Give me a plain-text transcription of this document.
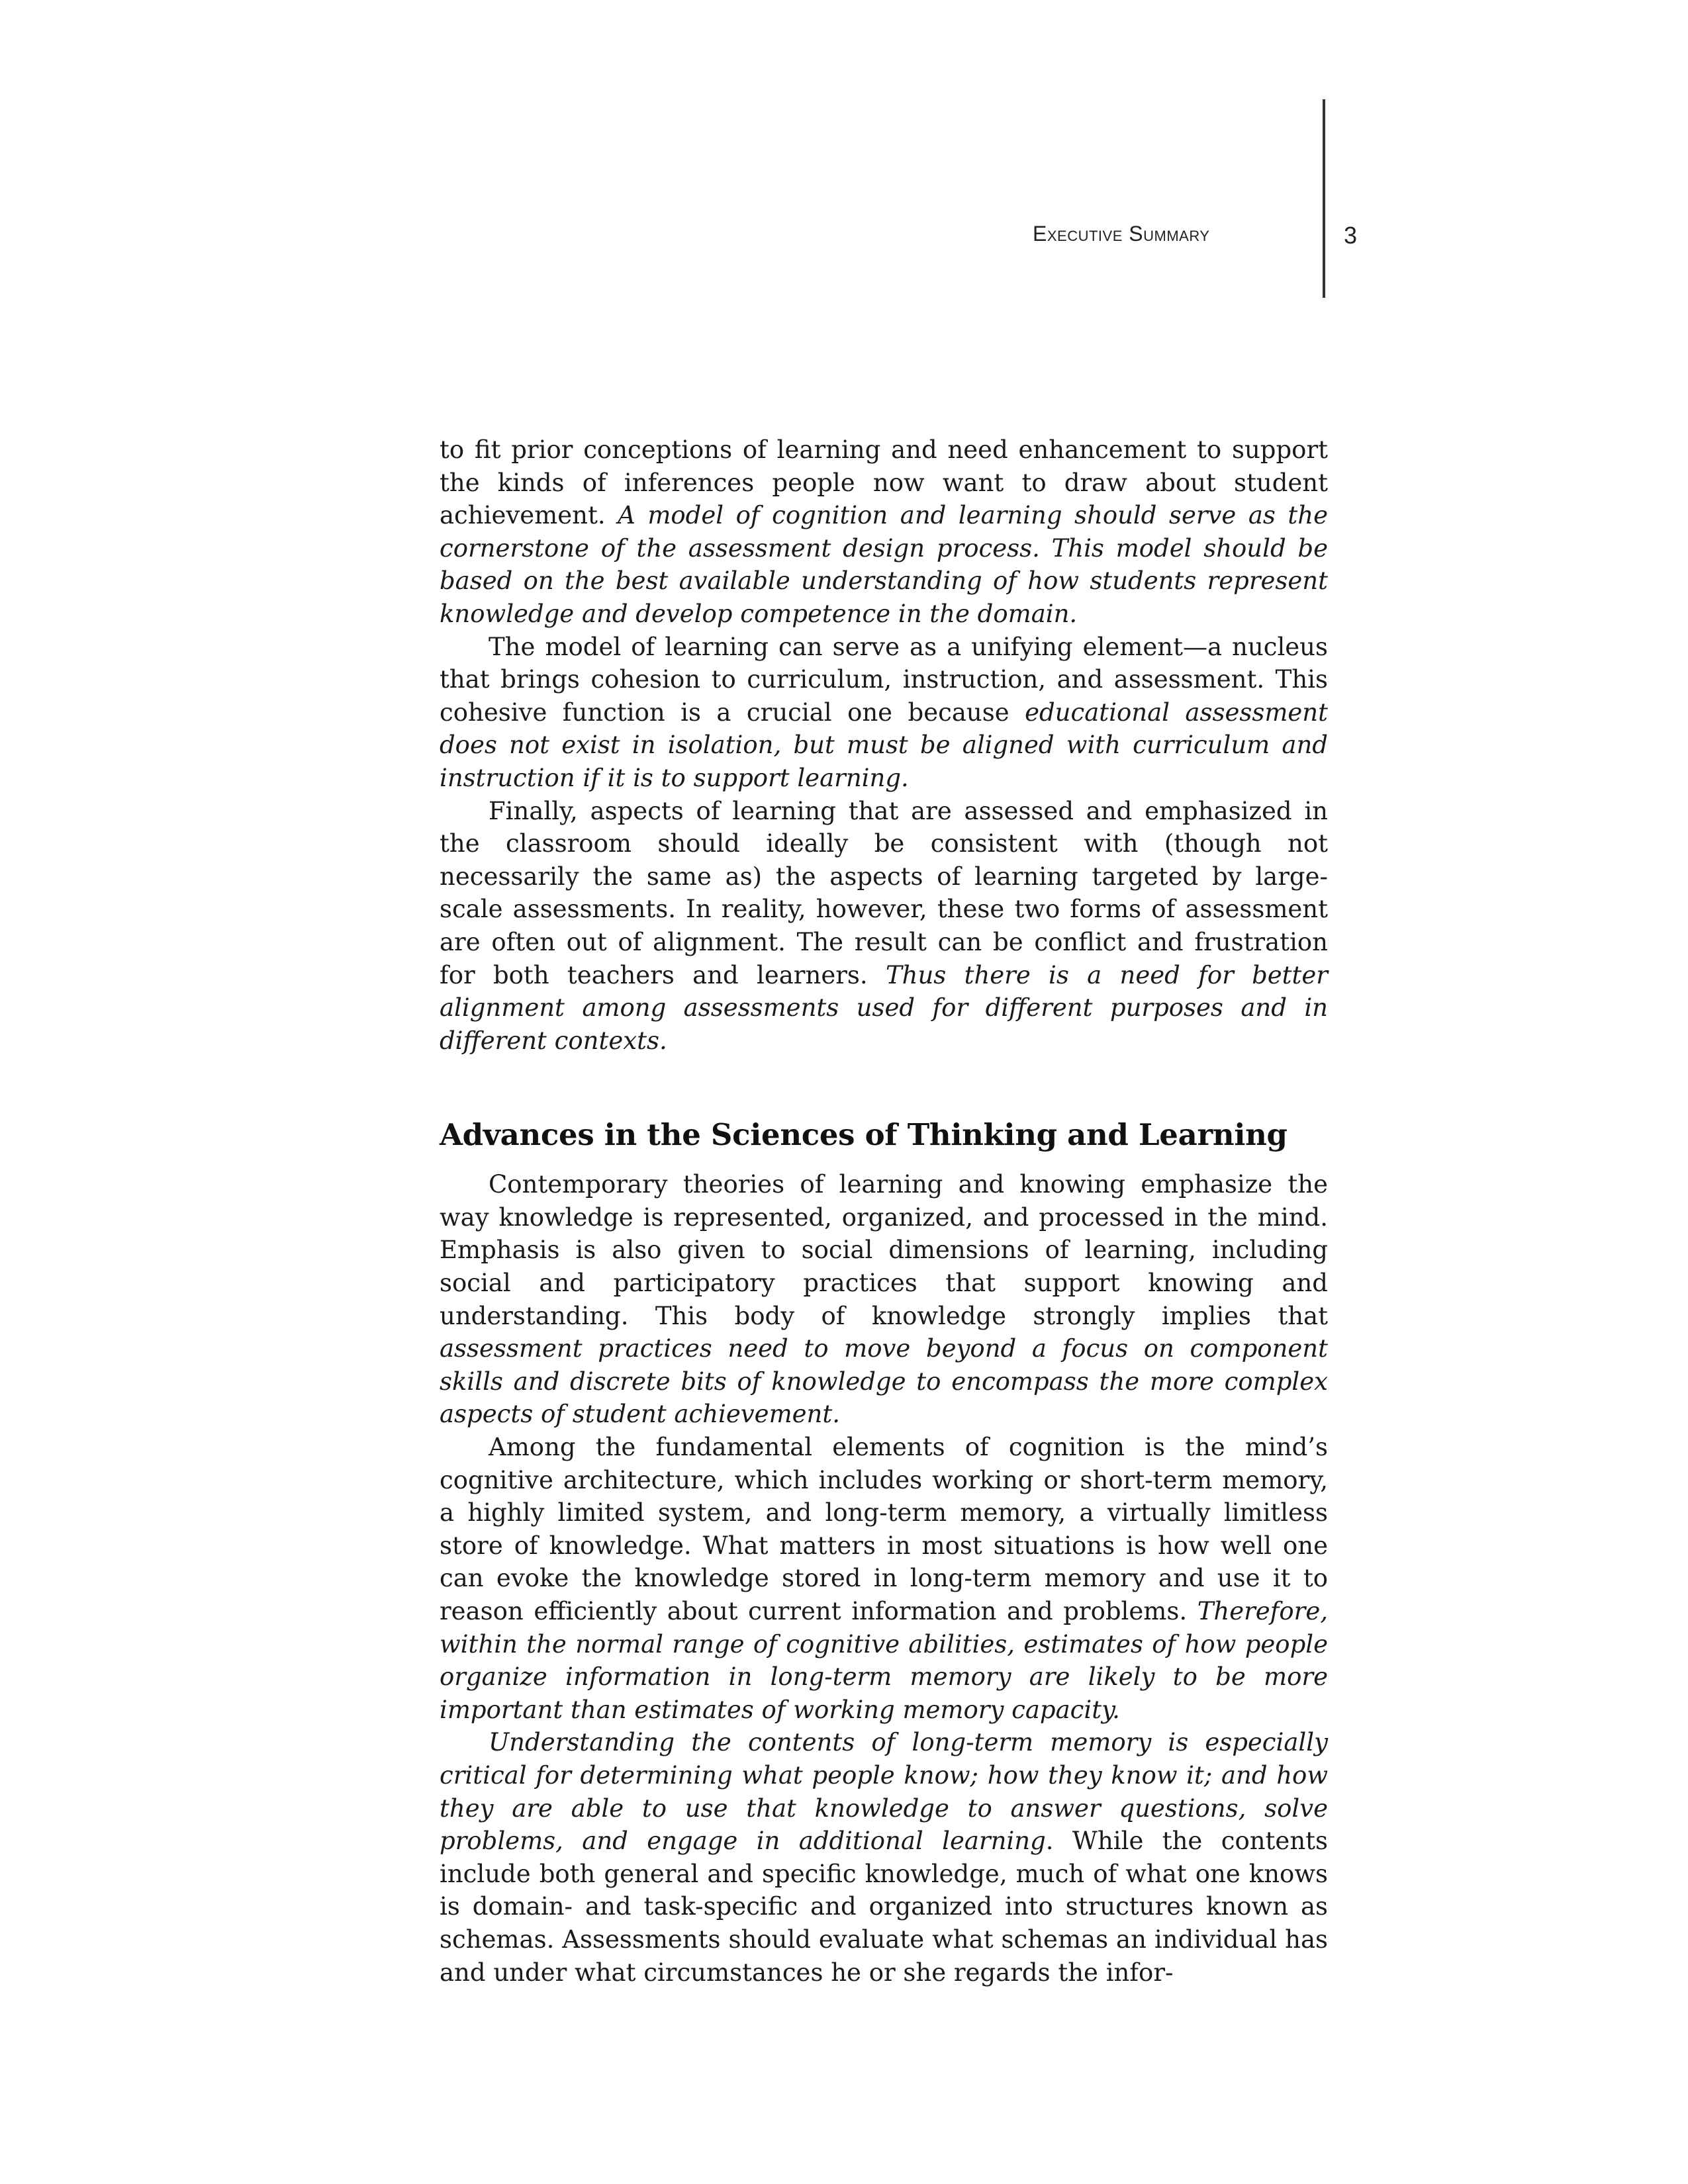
Executive Summary	3

to fit prior conceptions of learning and need enhancement to support the kinds of inferences people now want to draw about student achievement. A model of cognition and learning should serve as the cornerstone of the assessment design process. This model should be based on the best available understanding of how students represent knowledge and develop competence in the domain.

The model of learning can serve as a unifying element—a nucleus that brings cohesion to curriculum, instruction, and assessment. This cohesive function is a crucial one because educational assessment does not exist in isolation, but must be aligned with curriculum and instruction if it is to support learning.

Finally, aspects of learning that are assessed and emphasized in the classroom should ideally be consistent with (though not necessarily the same as) the aspects of learning targeted by large-scale assessments. In reality, however, these two forms of assessment are often out of alignment. The result can be conflict and frustration for both teachers and learners. Thus there is a need for better alignment among assessments used for different purposes and in different contexts.

Advances in the Sciences of Thinking and Learning

Contemporary theories of learning and knowing emphasize the way knowledge is represented, organized, and processed in the mind. Emphasis is also given to social dimensions of learning, including social and participatory practices that support knowing and understanding. This body of knowledge strongly implies that assessment practices need to move beyond a focus on component skills and discrete bits of knowledge to encompass the more complex aspects of student achievement.

Among the fundamental elements of cognition is the mind’s cognitive architecture, which includes working or short-term memory, a highly limited system, and long-term memory, a virtually limitless store of knowledge. What matters in most situations is how well one can evoke the knowledge stored in long-term memory and use it to reason efficiently about current information and problems. Therefore, within the normal range of cognitive abilities, estimates of how people organize information in long-term memory are likely to be more important than estimates of working memory capacity.

Understanding the contents of long-term memory is especially critical for determining what people know; how they know it; and how they are able to use that knowledge to answer questions, solve problems, and engage in additional learning. While the contents include both general and specific knowledge, much of what one knows is domain- and task-specific and organized into structures known as schemas. Assessments should evaluate what schemas an individual has and under what circumstances he or she regards the infor-
